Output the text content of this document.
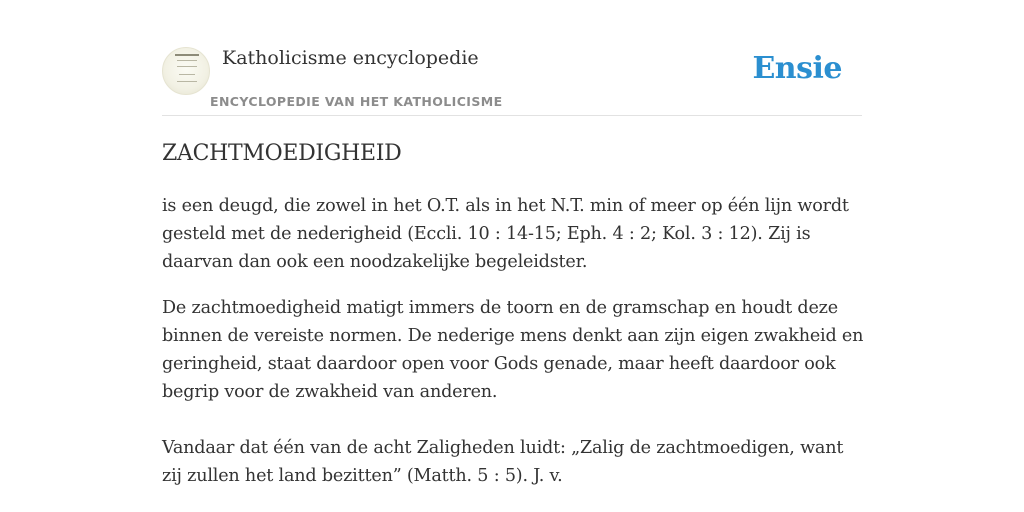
Katholicisme encyclopedie
ENCYCLOPEDIE VAN HET KATHOLICISME
Ensie
ZACHTMOEDIGHEID

is een deugd, die zowel in het O.T. als in het N.T. min of meer op één lijn wordt gesteld met de nederigheid (Eccli. 10 : 14-15; Eph. 4 : 2; Kol. 3 : 12). Zij is daarvan dan ook een noodzakelijke begeleidster.

De zachtmoedigheid matigt immers de toorn en de gramschap en houdt deze binnen de vereiste normen. De nederige mens denkt aan zijn eigen zwakheid en geringheid, staat daardoor open voor Gods genade, maar heeft daardoor ook begrip voor de zwakheid van anderen.

Vandaar dat één van de acht Zaligheden luidt: „Zalig de zachtmoedigen, want zij zullen het land bezitten” (Matth. 5 : 5). J. v.
